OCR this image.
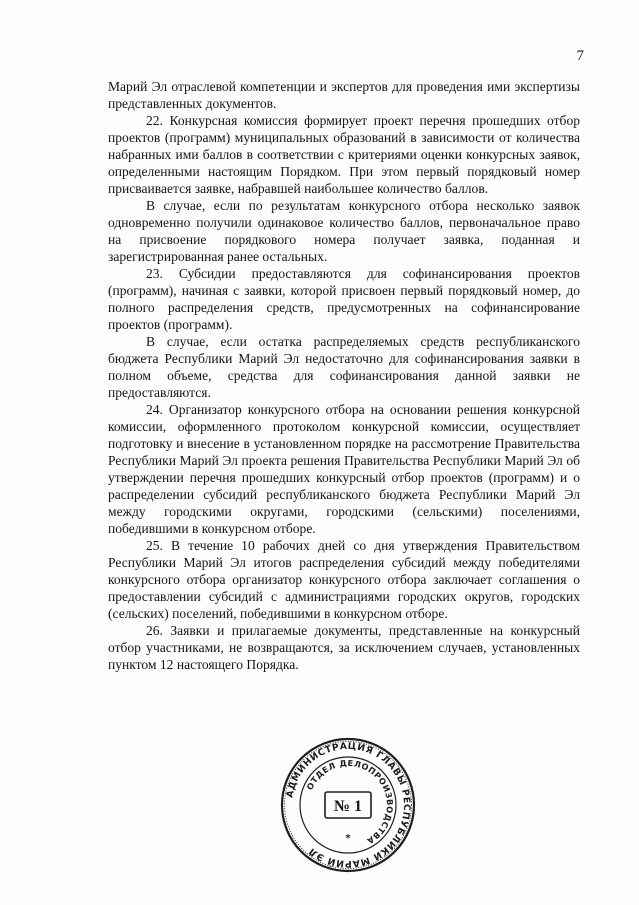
7

Марий Эл отраслевой компетенции и экспертов для проведения ими экспертизы представленных документов.

22. Конкурсная комиссия формирует проект перечня прошедших отбор проектов (программ) муниципальных образований в зависимости от количества набранных ими баллов в соответствии с критериями оценки конкурсных заявок, определенными настоящим Порядком. При этом первый порядковый номер присваивается заявке, набравшей наибольшее количество баллов.

В случае, если по результатам конкурсного отбора несколько заявок одновременно получили одинаковое количество баллов, первоначальное право на присвоение порядкового номера получает заявка, поданная и зарегистрированная ранее остальных.

23. Субсидии предоставляются для софинансирования проектов (программ), начиная с заявки, которой присвоен первый порядковый номер, до полного распределения средств, предусмотренных на софинансирование проектов (программ).

В случае, если остатка распределяемых средств республиканского бюджета Республики Марий Эл недостаточно для софинансирования заявки в полном объеме, средства для софинансирования данной заявки не предоставляются.

24. Организатор конкурсного отбора на основании решения конкурсной комиссии, оформленного протоколом конкурсной комиссии, осуществляет подготовку и внесение в установленном порядке на рассмотрение Правительства Республики Марий Эл проекта решения Правительства Республики Марий Эл об утверждении перечня прошедших конкурсный отбор проектов (программ) и о распределении субсидий республиканского бюджета Республики Марий Эл между городскими округами, городскими (сельскими) поселениями, победившими в конкурсном отборе.

25. В течение 10 рабочих дней со дня утверждения Правительством Республики Марий Эл итогов распределения субсидий между победителями конкурсного отбора организатор конкурсного отбора заключает соглашения о предоставлении субсидий с администрациями городских округов, городских (сельских) поселений, победившими в конкурсном отборе.

26. Заявки и прилагаемые документы, представленные на конкурсный отбор участниками, не возвращаются, за исключением случаев, установленных пунктом 12 настоящего Порядка.

АДМИНИСТРАЦИЯ ГЛАВЫ РЕСПУБЛИКИ МАРИЙ ЭЛ
ОТДЕЛ ДЕЛОПРОИЗВОДСТВА
№ 1
*
